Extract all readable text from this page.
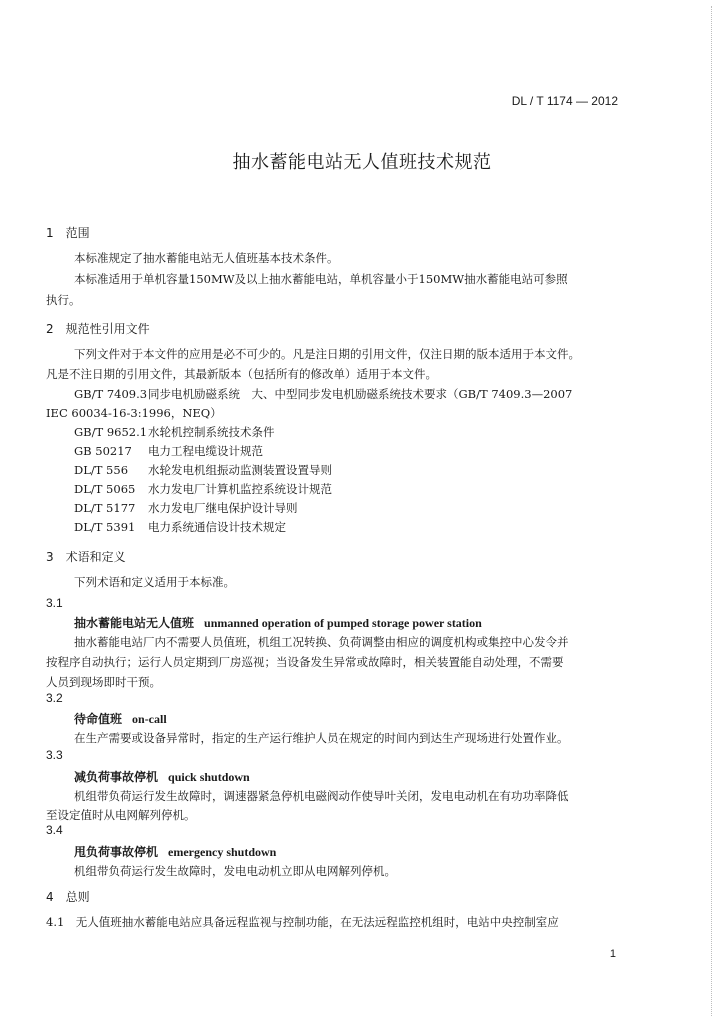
DL / T 1174 — 2012
抽水蓄能电站无人值班技术规范
1　范围
本标准规定了抽水蓄能电站无人值班基本技术条件。
本标准适用于单机容量150MW及以上抽水蓄能电站，单机容量小于150MW抽水蓄能电站可参照
执行。
2　规范性引用文件
下列文件对于本文件的应用是必不可少的。凡是注日期的引用文件，仅注日期的版本适用于本文件。
凡是不注日期的引用文件，其最新版本（包括所有的修改单）适用于本文件。
GB/T 7409.3同步电机励磁系统　大、中型同步发电机励磁系统技术要求（GB/T 7409.3—2007
IEC 60034-16-3:1996，NEQ）
GB/T 9652.1水轮机控制系统技术条件
GB 50217 电力工程电缆设计规范
DL/T 556 水轮发电机组振动监测装置设置导则
DL/T 5065 水力发电厂计算机监控系统设计规范
DL/T 5177 水力发电厂继电保护设计导则
DL/T 5391 电力系统通信设计技术规定
3　术语和定义
下列术语和定义适用于本标准。
3.1
抽水蓄能电站无人值班 unmanned operation of pumped storage power station
抽水蓄能电站厂内不需要人员值班，机组工况转换、负荷调整由相应的调度机构或集控中心发令并
按程序自动执行；运行人员定期到厂房巡视；当设备发生异常或故障时，相关装置能自动处理，不需要
人员到现场即时干预。
3.2
待命值班 on-call
在生产需要或设备异常时，指定的生产运行维护人员在规定的时间内到达生产现场进行处置作业。
3.3
减负荷事故停机 quick shutdown
机组带负荷运行发生故障时，调速器紧急停机电磁阀动作使导叶关闭，发电电动机在有功功率降低
至设定值时从电网解列停机。
3.4
甩负荷事故停机 emergency shutdown
机组带负荷运行发生故障时，发电电动机立即从电网解列停机。
4　总则
4.1　无人值班抽水蓄能电站应具备远程监视与控制功能，在无法远程监控机组时，电站中央控制室应
1
